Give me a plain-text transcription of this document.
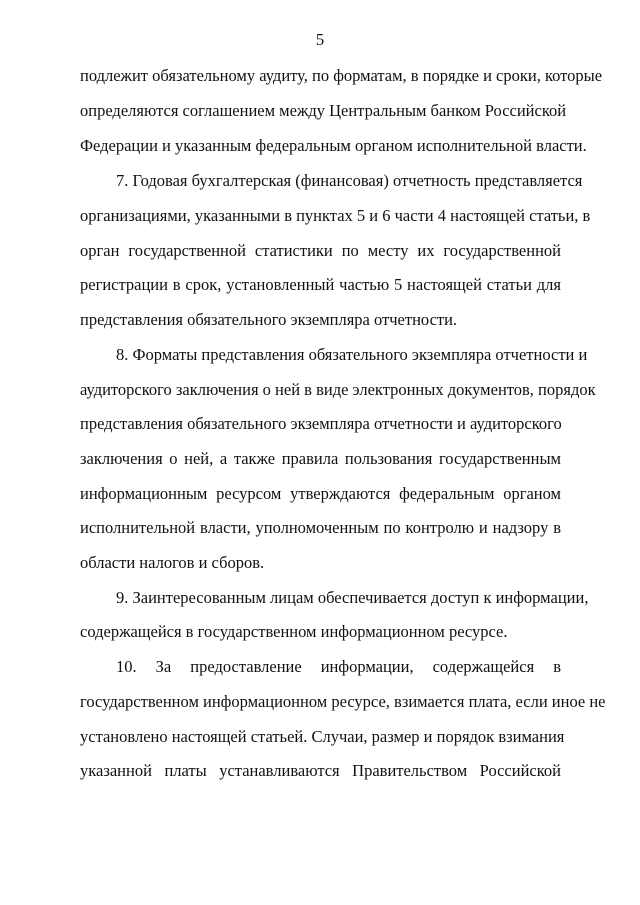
5
подлежит обязательному аудиту, по форматам, в порядке и сроки, которые
определяются соглашением между Центральным банком Российской
Федерации и указанным федеральным органом исполнительной власти.
7. Годовая бухгалтерская (финансовая) отчетность представляется
организациями, указанными в пунктах 5 и 6 части 4 настоящей статьи, в
орган государственной статистики по месту их государственной
регистрации в срок, установленный частью 5 настоящей статьи для
представления обязательного экземпляра отчетности.
8. Форматы представления обязательного экземпляра отчетности и
аудиторского заключения о ней в виде электронных документов, порядок
представления обязательного экземпляра отчетности и аудиторского
заключения о ней, а также правила пользования государственным
информационным ресурсом утверждаются федеральным органом
исполнительной власти, уполномоченным по контролю и надзору в
области налогов и сборов.
9. Заинтересованным лицам обеспечивается доступ к информации,
содержащейся в государственном информационном ресурсе.
10. За предоставление информации, содержащейся в
государственном информационном ресурсе, взимается плата, если иное не
установлено настоящей статьей. Случаи, размер и порядок взимания
указанной платы устанавливаются Правительством Российской
